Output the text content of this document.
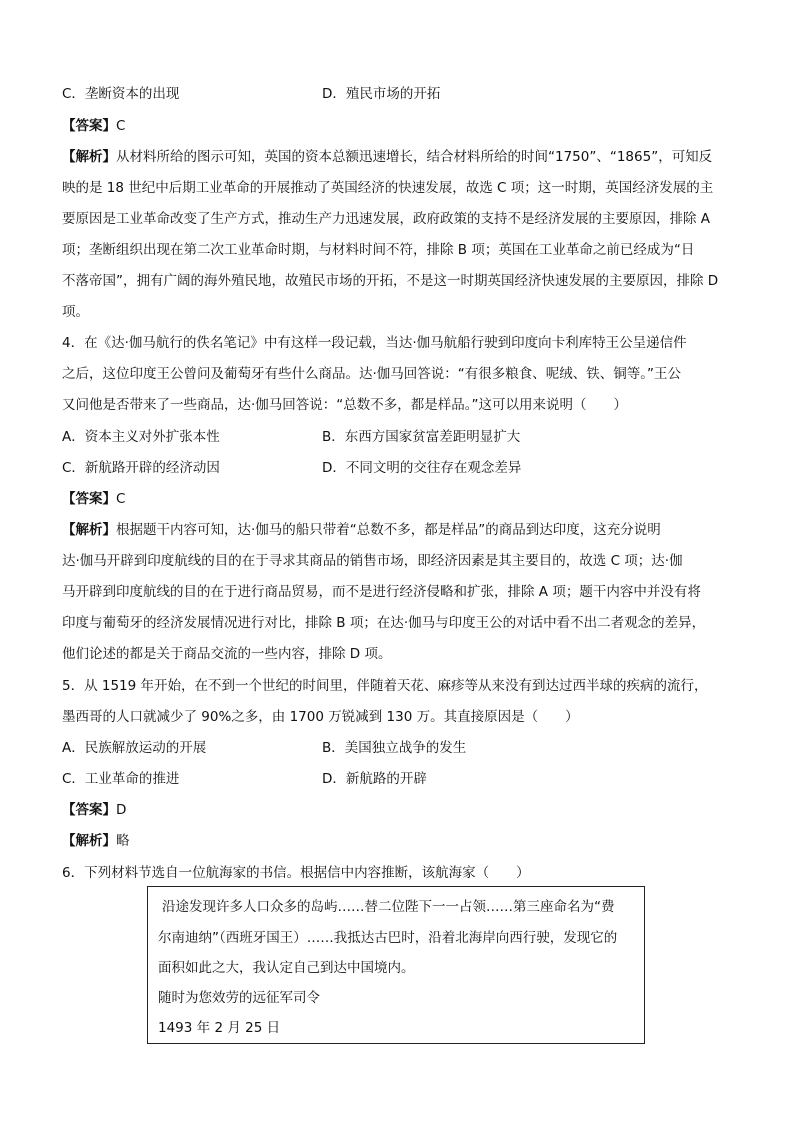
C．垄断资本的出现	D．殖民市场的开拓
【答案】C
【解析】从材料所给的图示可知，英国的资本总额迅速增长，结合材料所给的时间“1750”、“1865”，可知反
映的是 18 世纪中后期工业革命的开展推动了英国经济的快速发展，故选 C 项；这一时期，英国经济发展的主
要原因是工业革命改变了生产方式，推动生产力迅速发展，政府政策的支持不是经济发展的主要原因，排除 A
项；垄断组织出现在第二次工业革命时期，与材料时间不符，排除 B 项；英国在工业革命之前已经成为“日
不落帝国”，拥有广阔的海外殖民地，故殖民市场的开拓，不是这一时期英国经济快速发展的主要原因，排除 D
项。
4．在《达·伽马航行的佚名笔记》中有这样一段记载，当达·伽马航船行驶到印度向卡利库特王公呈递信件
之后，这位印度王公曾问及葡萄牙有些什么商品。达·伽马回答说：“有很多粮食、呢绒、铁、铜等。”王公
又问他是否带来了一些商品，达·伽马回答说：“总数不多，都是样品。”这可以用来说明（　　）
A．资本主义对外扩张本性	B．东西方国家贫富差距明显扩大
C．新航路开辟的经济动因	D．不同文明的交往存在观念差异
【答案】C
【解析】根据题干内容可知，达·伽马的船只带着“总数不多，都是样品”的商品到达印度，这充分说明
达·伽马开辟到印度航线的目的在于寻求其商品的销售市场，即经济因素是其主要目的，故选 C 项；达·伽
马开辟到印度航线的目的在于进行商品贸易，而不是进行经济侵略和扩张，排除 A 项；题干内容中并没有将
印度与葡萄牙的经济发展情况进行对比，排除 B 项；在达·伽马与印度王公的对话中看不出二者观念的差异，
他们论述的都是关于商品交流的一些内容，排除 D 项。
5．从 1519 年开始，在不到一个世纪的时间里，伴随着天花、麻疹等从来没有到达过西半球的疾病的流行，
墨西哥的人口就减少了 90%之多，由 1700 万锐减到 130 万。其直接原因是（　　）
A．民族解放运动的开展	B．美国独立战争的发生
C．工业革命的推进	D．新航路的开辟
【答案】D
【解析】略
6．下列材料节选自一位航海家的书信。根据信中内容推断，该航海家（　　）
沿途发现许多人口众多的岛屿……替二位陛下一一占领……第三座命名为“费
尔南迪纳”（西班牙国王）……我抵达古巴时，沿着北海岸向西行驶，发现它的
面积如此之大，我认定自己到达中国境内。
随时为您效劳的远征军司令
1493 年 2 月 25 日
